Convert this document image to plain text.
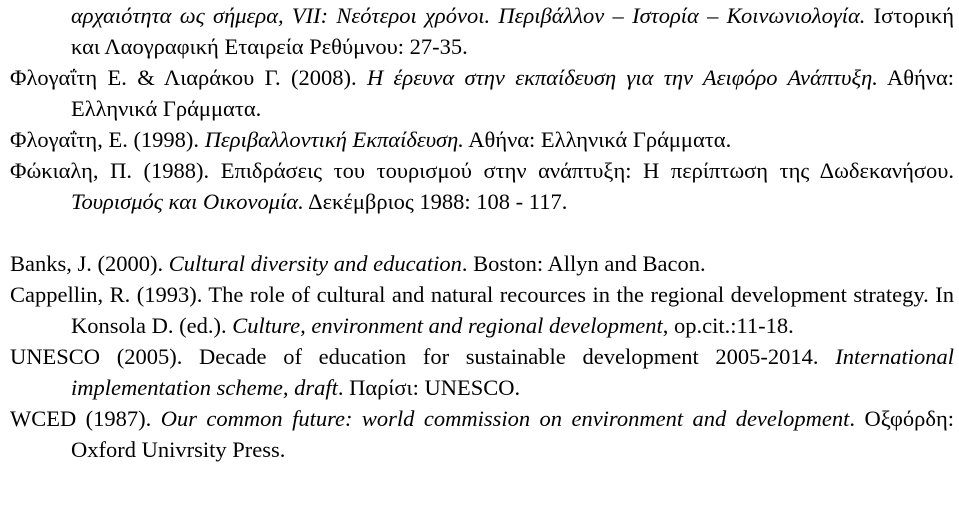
αρχαιότητα ως σήμερα, VII: Νεότεροι χρόνοι. Περιβάλλον – Ιστορία – Κοινωνιολογία. Ιστορική και Λαογραφική Εταιρεία Ρεθύμνου: 27-35.

Φλογαΐτη Ε. & Λιαράκου Γ. (2008). Η έρευνα στην εκπαίδευση για την Αειφόρο Ανάπτυξη. Αθήνα: Ελληνικά Γράμματα.

Φλογαΐτη, Ε. (1998). Περιβαλλοντική Εκπαίδευση. Αθήνα: Ελληνικά Γράμματα.

Φώκιαλη, Π. (1988). Επιδράσεις του τουρισμού στην ανάπτυξη: Η περίπτωση της Δωδεκανήσου. Τουρισμός και Οικονομία. Δεκέμβριος 1988: 108 - 117.

Banks, J. (2000). Cultural diversity and education. Boston: Allyn and Bacon.

Cappellin, R. (1993). The role of cultural and natural recources in the regional development strategy. In Konsola D. (ed.). Culture, environment and regional development, op.cit.:11-18.

UNESCO (2005). Decade of education for sustainable development 2005-2014. International implementation scheme, draft. Παρίσι: UNESCO.

WCED (1987). Our common future: world commission on environment and development. Οξφόρδη: Oxford Univrsity Press.
